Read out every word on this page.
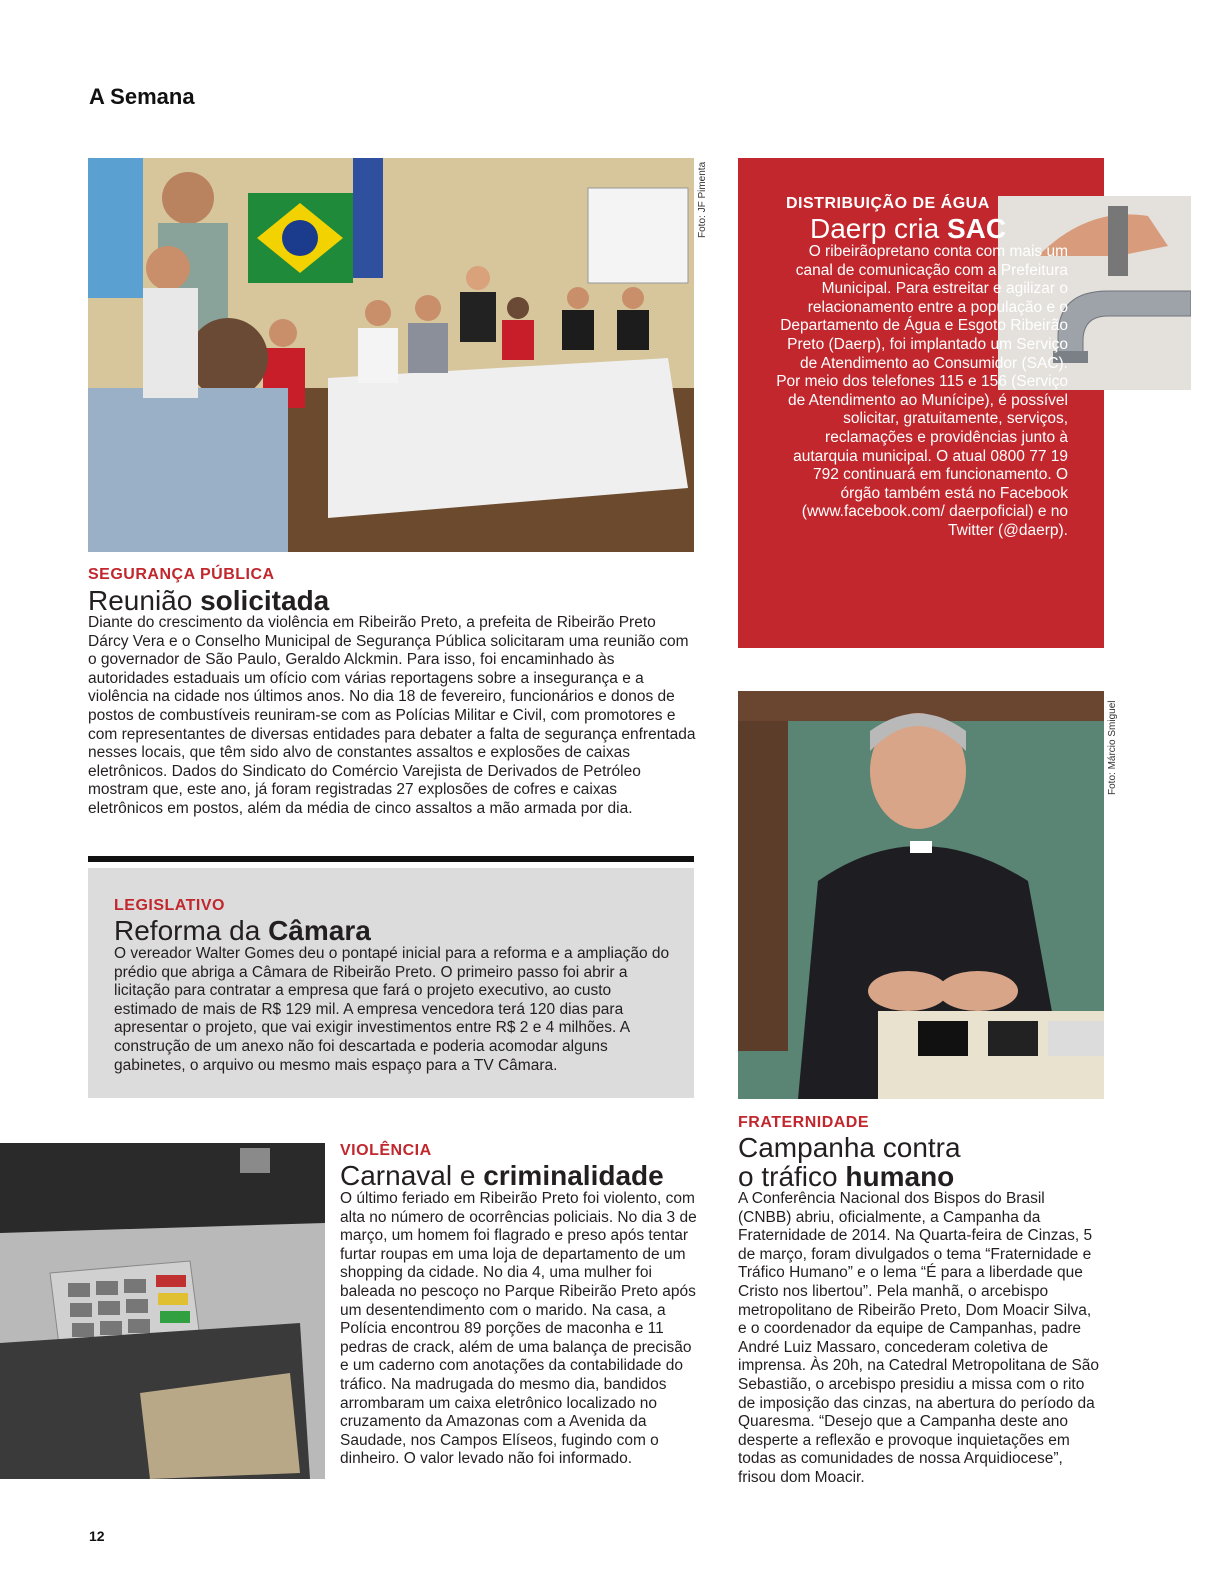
A Semana
Foto: JF Pimenta
SEGURANÇA PÚBLICA
Reunião solicitada
Diante do crescimento da violência em Ribeirão Preto, a prefeita de Ribeirão Preto Dárcy Vera e o Conselho Municipal de Segurança Pública solicitaram uma reunião com o governador de São Paulo, Geraldo Alckmin. Para isso, foi encaminhado às autoridades estaduais um ofício com várias reportagens sobre a insegurança e a violência na cidade nos últimos anos. No dia 18 de fevereiro, funcionários e donos de postos de combustíveis reuniram-se com as Polícias Militar e Civil, com promotores e com representantes de diversas entidades para debater a falta de segurança enfrentada nesses locais, que têm sido alvo de constantes assaltos e explosões de caixas eletrônicos. Dados do Sindicato do Comércio Varejista de Derivados de Petróleo mostram que, este ano, já foram registradas 27 explosões de cofres e caixas eletrônicos em postos, além da média de cinco assaltos a mão armada por dia.
DISTRIBUIÇÃO DE ÁGUA
Daerp cria SAC
O ribeirãopretano conta com mais um canal de comunicação com a Prefeitura Municipal. Para estreitar e agilizar o relacionamento entre a população e o Departamento de Água e Esgoto Ribeirão Preto (Daerp), foi implantado um Serviço de Atendimento ao Consumidor (SAC). Por meio dos telefones 115 e 156 (Serviço de Atendimento ao Munícipe), é possível solicitar, gratuitamente, serviços, reclamações e providências junto à autarquia municipal. O atual 0800 77 19 792 continuará em funcionamento. O órgão também está no Facebook (www.facebook.com/ daerpoficial) e no Twitter (@daerp).
Foto: Márcio Smiguel
LEGISLATIVO
Reforma da Câmara
O vereador Walter Gomes deu o pontapé inicial para a reforma e a ampliação do prédio que abriga a Câmara de Ribeirão Preto. O primeiro passo foi abrir a licitação para contratar a empresa que fará o projeto executivo, ao custo estimado de mais de R$ 129 mil. A empresa vencedora terá 120 dias para apresentar o projeto, que vai exigir investimentos entre R$ 2 e 4 milhões. A construção de um anexo não foi descartada e poderia acomodar alguns gabinetes, o arquivo ou mesmo mais espaço para a TV Câmara.
VIOLÊNCIA
Carnaval e criminalidade
O último feriado em Ribeirão Preto foi violento, com alta no número de ocorrências policiais. No dia 3 de março, um homem foi flagrado e preso após tentar furtar roupas em uma loja de departamento de um shopping da cidade. No dia 4, uma mulher foi baleada no pescoço no Parque Ribeirão Preto após um desentendimento com o marido. Na casa, a Polícia encontrou 89 porções de maconha e 11 pedras de crack, além de uma balança de precisão e um caderno com anotações da contabilidade do tráfico. Na madrugada do mesmo dia, bandidos arrombaram um caixa eletrônico localizado no cruzamento da Amazonas com a Avenida da Saudade, nos Campos Elíseos, fugindo com o dinheiro. O valor levado não foi informado.
FRATERNIDADE
Campanha contra
o tráfico humano
A Conferência Nacional dos Bispos do Brasil (CNBB) abriu, oficialmente, a Campanha da Fraternidade de 2014. Na Quarta-feira de Cinzas, 5 de março, foram divulgados o tema “Fraternidade e Tráfico Humano” e o lema “É para a liberdade que Cristo nos libertou”. Pela manhã, o arcebispo metropolitano de Ribeirão Preto, Dom Moacir Silva, e o coordenador da equipe de Campanhas, padre André Luiz Massaro, concederam coletiva de imprensa. Às 20h, na Catedral Metropolitana de São Sebastião, o arcebispo presidiu a missa com o rito de imposição das cinzas, na abertura do período da Quaresma. “Desejo que a Campanha deste ano desperte a reflexão e provoque inquietações em todas as comunidades de nossa Arquidiocese”, frisou dom Moacir.
12
